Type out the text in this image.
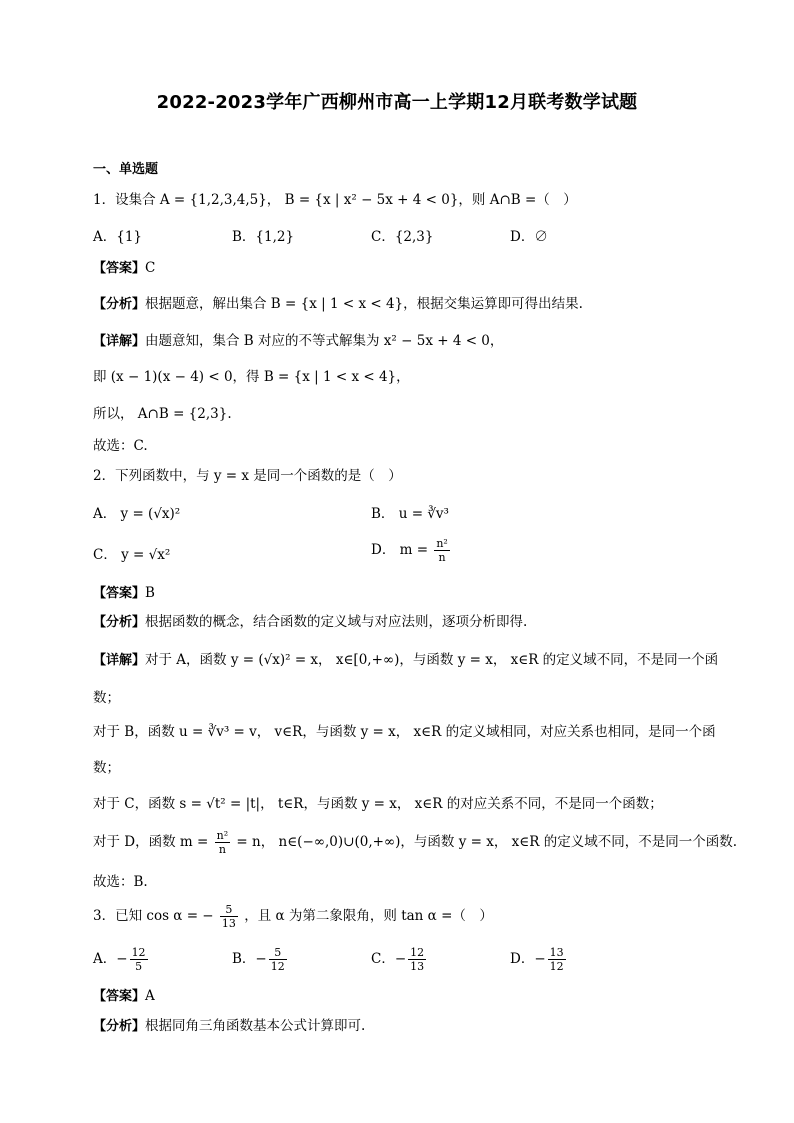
2022-2023学年广西柳州市高一上学期12月联考数学试题
一、单选题
1．设集合 A = {1,2,3,4,5}， B = {x | x² − 5x + 4 < 0}，则 A∩B =（　）
A．{1}	B．{1,2}	C．{2,3}	D．∅
【答案】C
【分析】根据题意，解出集合 B = {x | 1 < x < 4}，根据交集运算即可得出结果.
【详解】由题意知，集合 B 对应的不等式解集为 x² − 5x + 4 < 0，
即 (x − 1)(x − 4) < 0，得 B = {x | 1 < x < 4}，
所以， A∩B = {2,3}.
故选：C.
2．下列函数中，与 y = x 是同一个函数的是（　）
A． y = (√x)²	B． u = ∛v³
C． y = √x²	D． $m = \frac{\text{n²}}{n}$
【答案】B
【分析】根据函数的概念，结合函数的定义域与对应法则，逐项分析即得.
【详解】对于 A，函数 y = (√x)² = x， x∈[0,+∞)，与函数 y = x， x∈R 的定义域不同，不是同一个函
数；
对于 B，函数 u = ∛v³ = v， v∈R，与函数 y = x， x∈R 的定义域相同，对应关系也相同，是同一个函
数；
对于 C，函数 s = √t² = |t|， t∈R，与函数 y = x， x∈R 的对应关系不同，不是同一个函数；
对于 D，函数 $m = \frac{\text{n²}}{n} = n$， n∈(−∞,0)∪(0,+∞)，与函数 y = x， x∈R 的定义域不同，不是同一个函数.
故选：B.
3．已知 cos α = − $\frac{5}{13}$ ，且 α 为第二象限角，则 tan α =（　）
A．− $\frac{12}{5}$	B．− $\frac{5}{12}$	C．− $\frac{12}{13}$	D．− $\frac{13}{12}$
【答案】A
【分析】根据同角三角函数基本公式计算即可.
